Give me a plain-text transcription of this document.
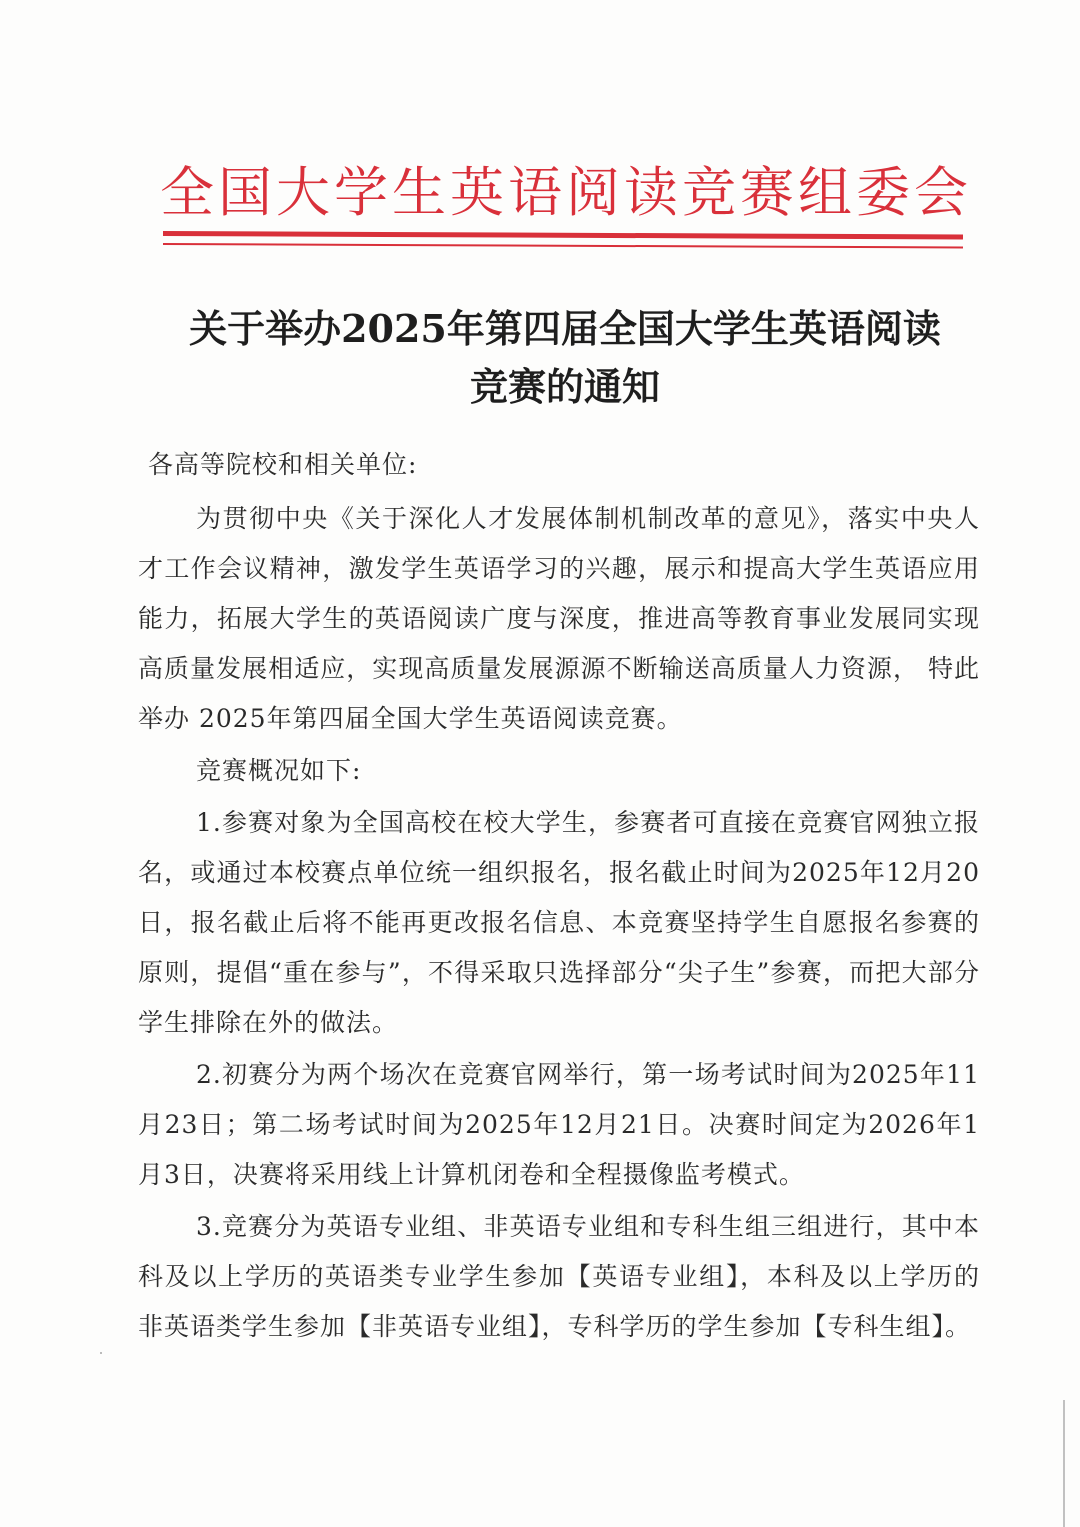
全国大学生英语阅读竞赛组委会
关于举办2025年第四届全国大学生英语阅读
竞赛的通知

各高等院校和相关单位:

为贯彻中央《关于深化人才发展体制机制改革的意见》，落实中央人才工作会议精神，激发学生英语学习的兴趣，展示和提高大学生英语应用能力，拓展大学生的英语阅读广度与深度，推进高等教育事业发展同实现高质量发展相适应，实现高质量发展源源不断输送高质量人力资源， 特此举办 2025年第四届全国大学生英语阅读竞赛。

竞赛概况如下:

1.参赛对象为全国高校在校大学生，参赛者可直接在竞赛官网独立报名，或通过本校赛点单位统一组织报名，报名截止时间为2025年12月20日，报名截止后将不能再更改报名信息、本竞赛坚持学生自愿报名参赛的原则，提倡“重在参与”，不得采取只选择部分“尖子生”参赛，而把大部分学生排除在外的做法。

2.初赛分为两个场次在竞赛官网举行，第一场考试时间为2025年11月23日；第二场考试时间为2025年12月21日。决赛时间定为2026年1月3日，决赛将采用线上计算机闭卷和全程摄像监考模式。

3.竞赛分为英语专业组、非英语专业组和专科生组三组进行，其中本科及以上学历的英语类专业学生参加【英语专业组】，本科及以上学历的非英语类学生参加【非英语专业组】，专科学历的学生参加【专科生组】。
